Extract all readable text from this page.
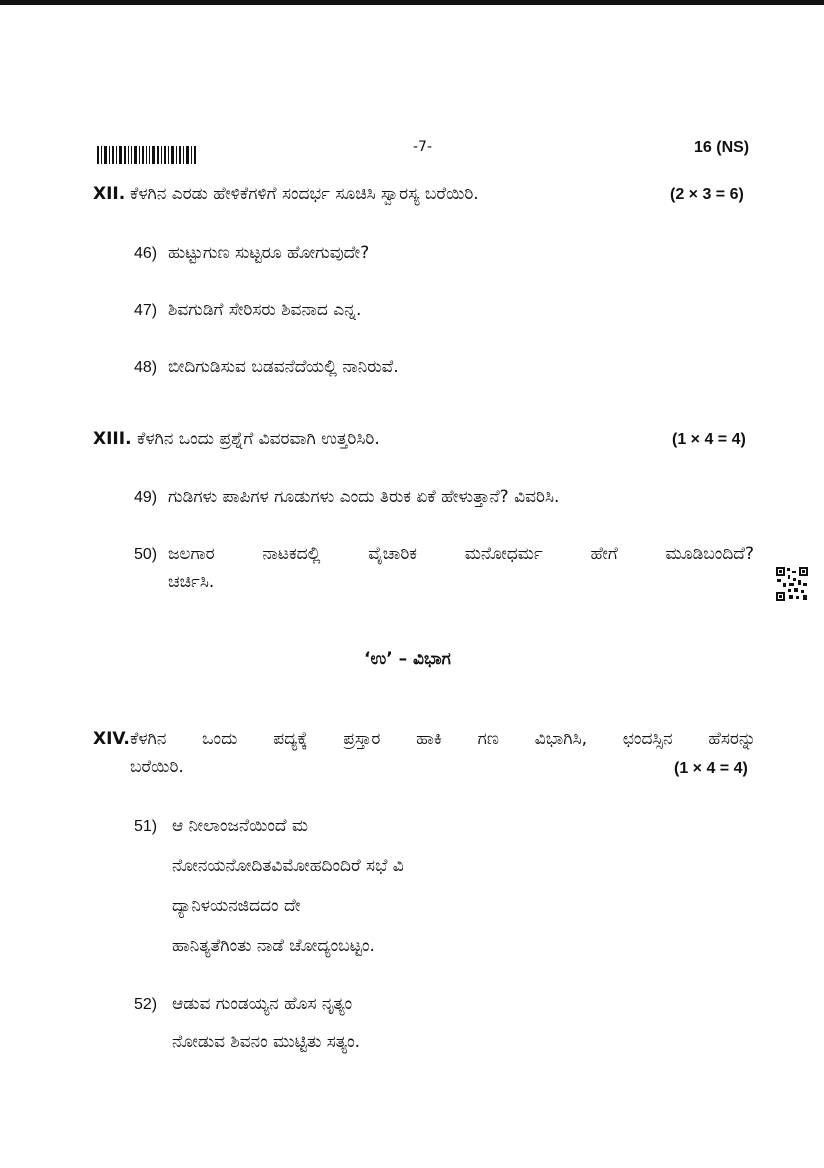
-7-	16 (NS)
XII. ಕೆಳಗಿನ ಎರಡು ಹೇಳಿಕೆಗಳಿಗೆ ಸಂದರ್ಭ ಸೂಚಿಸಿ ಸ್ವಾರಸ್ಯ ಬರೆಯಿರಿ.	(2 × 3 = 6)
46) ಹುಟ್ಟುಗುಣ ಸುಟ್ಟರೂ ಹೋಗುವುದೇ?
47) ಶಿವಗುಡಿಗೆ ಸೇರಿಸರು ಶಿವನಾದ ಎನ್ನ.
48) ಬೀದಿಗುಡಿಸುವ ಬಡವನೆದೆಯಲ್ಲಿ ನಾನಿರುವೆ.
XIII. ಕೆಳಗಿನ ಒಂದು ಪ್ರಶ್ನೆಗೆ ವಿವರವಾಗಿ ಉತ್ತರಿಸಿರಿ.	(1 × 4 = 4)
49) ಗುಡಿಗಳು ಪಾಪಿಗಳ ಗೂಡುಗಳು ಎಂದು ತಿರುಕ ಏಕೆ ಹೇಳುತ್ತಾನೆ? ವಿವರಿಸಿ.
50) ಜಲಗಾರ ನಾಟಕದಲ್ಲಿ ವೈಚಾರಿಕ ಮನೋಧರ್ಮ ಹೇಗೆ ಮೂಡಿಬಂದಿದೆ?
ಚರ್ಚಿಸಿ.
‘ಉ’ – ವಿಭಾಗ
XIV. ಕೆಳಗಿನ ಒಂದು ಪದ್ಯಕ್ಕೆ ಪ್ರಸ್ತಾರ ಹಾಕಿ ಗಣ ವಿಭಾಗಿಸಿ, ಛಂದಸ್ಸಿನ ಹೆಸರನ್ನು
ಬರೆಯಿರಿ.	(1 × 4 = 4)
51) ಆ ನೀಲಾಂಜನೆಯಿಂದೆ ಮ
ನೋನಯನೋದಿತವಿಮೋಹದಿಂದಿರೆ ಸಭೆ ವಿ
ದ್ಯಾನಿಳಯನಜಿದದಂ ದೇ
ಹಾನಿತ್ಯತೆಗಿಂತು ನಾಡೆ ಚೋದ್ಯಂಬಟ್ಟಂ.
52) ಆಡುವ ಗುಂಡಯ್ಯನ ಹೊಸ ನೃತ್ಯಂ
ನೋಡುವ ಶಿವನಂ ಮುಟ್ಟಿತು ಸತ್ಯಂ.
